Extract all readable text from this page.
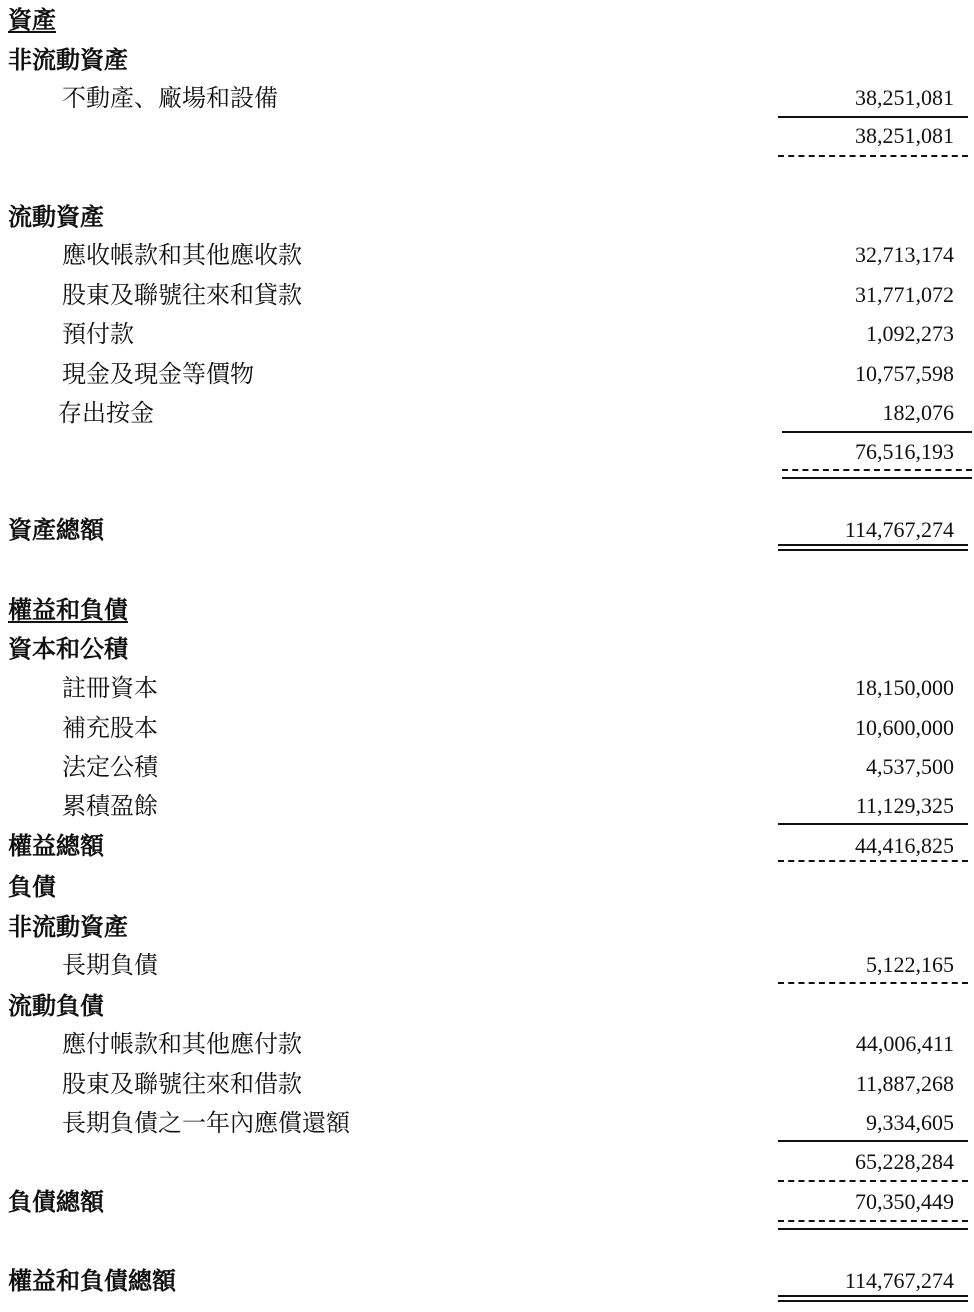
資產
非流動資產
不動產、廠場和設備	38,251,081
38,251,081
流動資產
應收帳款和其他應收款	32,713,174
股東及聯號往來和貸款	31,771,072
預付款	1,092,273
現金及現金等價物	10,757,598
存出按金	182,076
76,516,193
資產總額	114,767,274
權益和負債
資本和公積
註冊資本	18,150,000
補充股本	10,600,000
法定公積	4,537,500
累積盈餘	11,129,325
權益總額	44,416,825
負債
非流動資產
長期負債	5,122,165
流動負債
應付帳款和其他應付款	44,006,411
股東及聯號往來和借款	11,887,268
長期負債之一年內應償還額	9,334,605
65,228,284
負債總額	70,350,449
權益和負債總額	114,767,274
